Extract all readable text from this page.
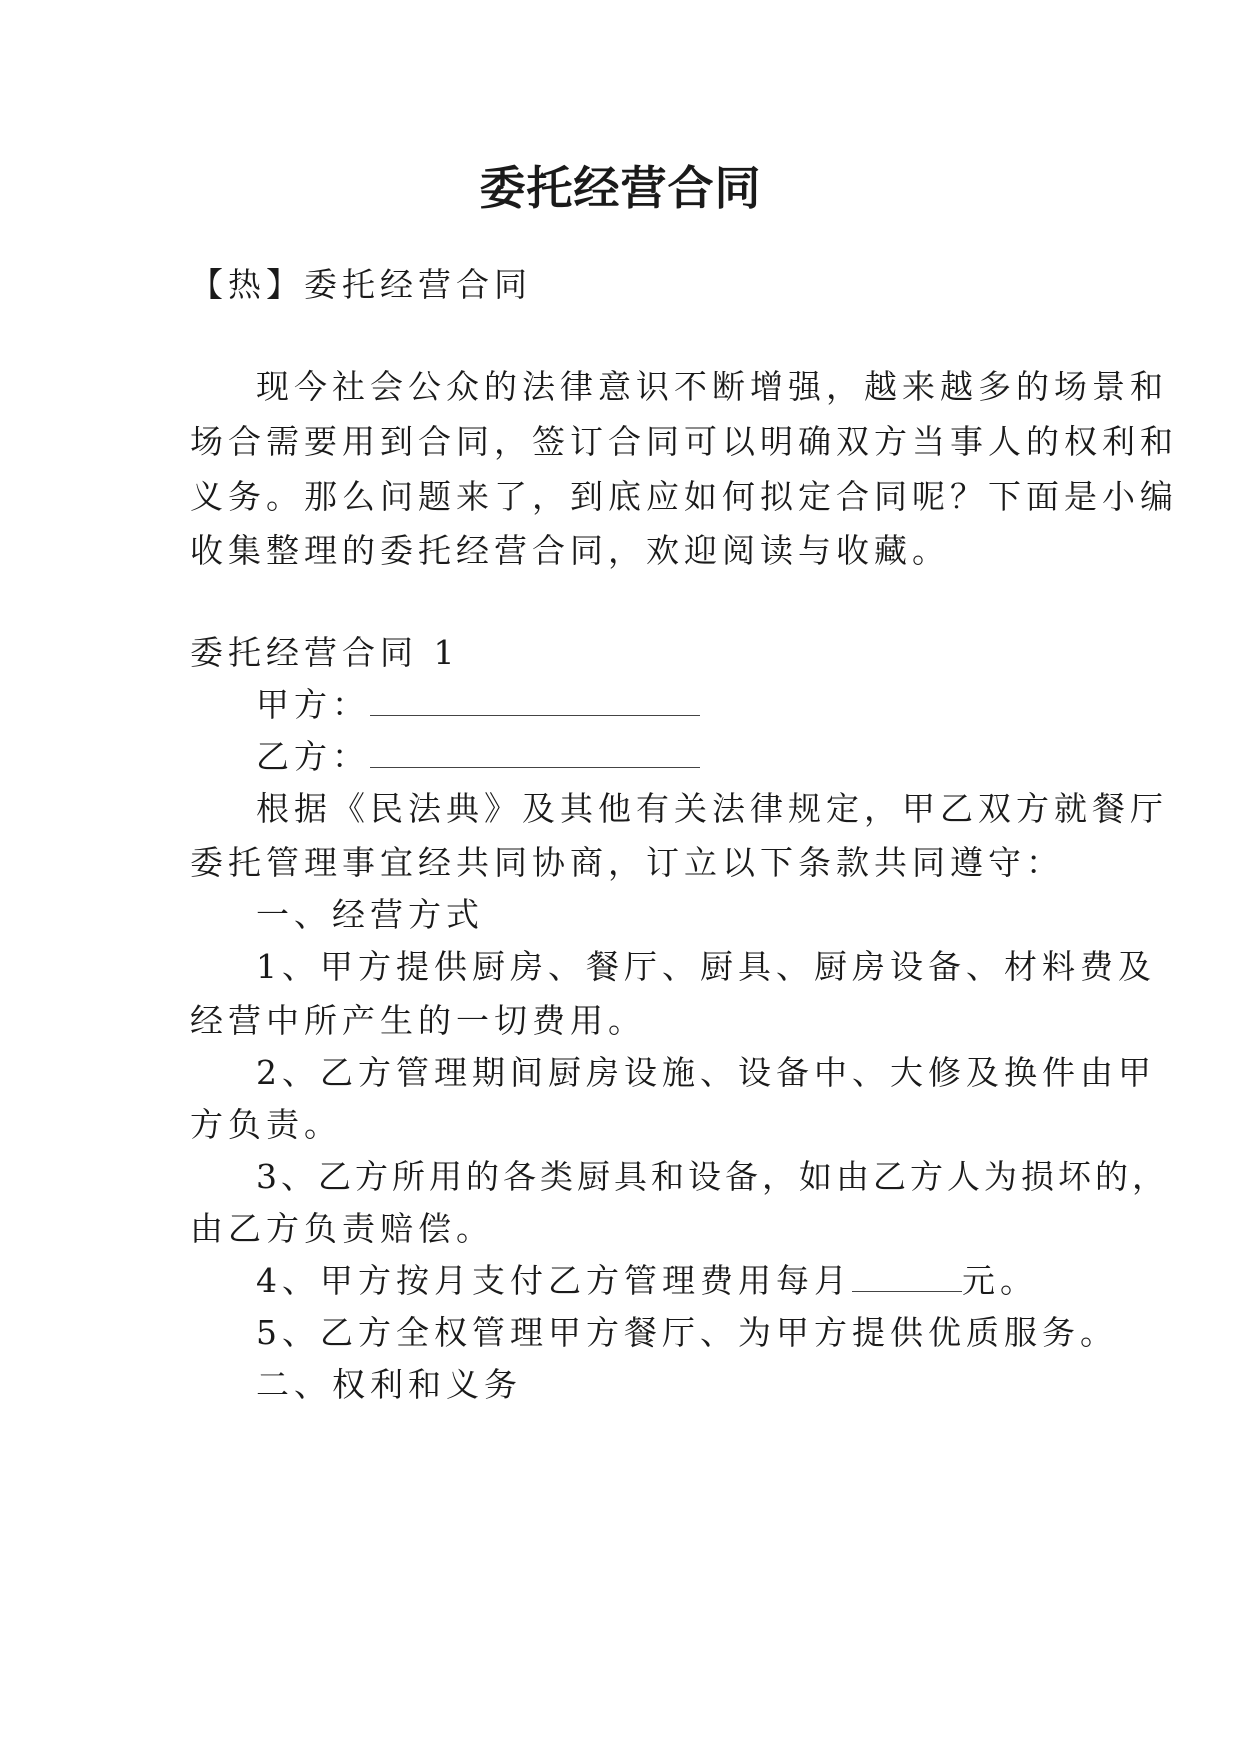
委托经营合同
【热】委托经营合同
现今社会公众的法律意识不断增强，越来越多的场景和
场合需要用到合同，签订合同可以明确双方当事人的权利和
义务。那么问题来了，到底应如何拟定合同呢？下面是小编
收集整理的委托经营合同，欢迎阅读与收藏。
委托经营合同 1
甲方：
乙方：
根据《民法典》及其他有关法律规定，甲乙双方就餐厅
委托管理事宜经共同协商，订立以下条款共同遵守：
一、经营方式
1、甲方提供厨房、餐厅、厨具、厨房设备、材料费及
经营中所产生的一切费用。
2、乙方管理期间厨房设施、设备中、大修及换件由甲
方负责。
3、乙方所用的各类厨具和设备，如由乙方人为损坏的，
由乙方负责赔偿。
4、甲方按月支付乙方管理费用每月	元。
5、乙方全权管理甲方餐厅、为甲方提供优质服务。
二、权利和义务
